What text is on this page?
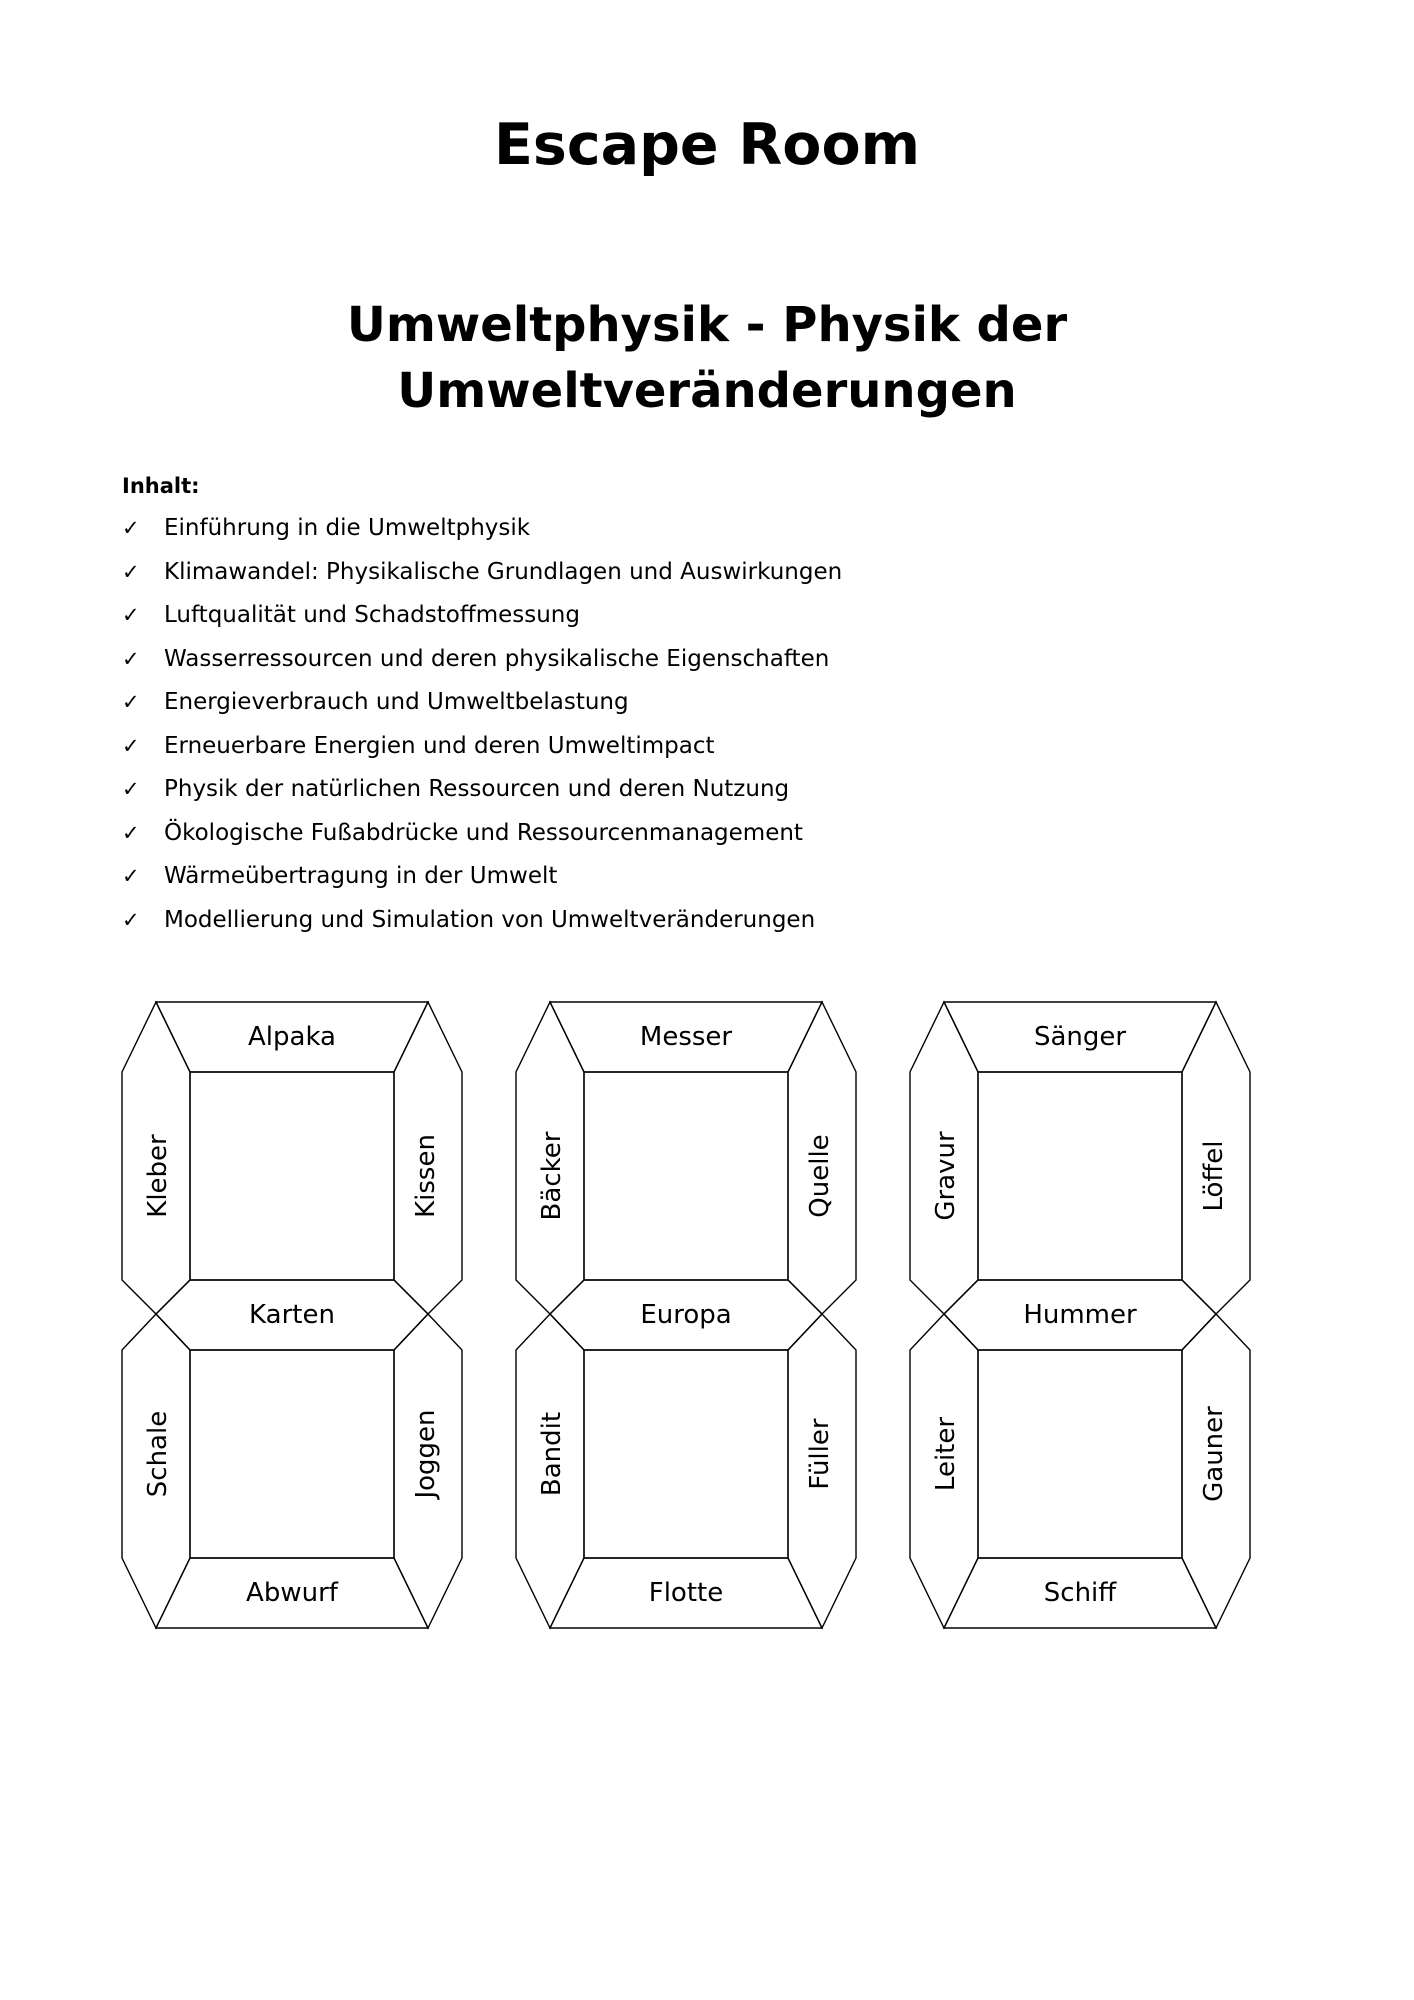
Escape Room
Umweltphysik - Physik der
Umweltveränderungen
Inhalt:
✓ Einführung in die Umweltphysik
✓ Klimawandel: Physikalische Grundlagen und Auswirkungen
✓ Luftqualität und Schadstoffmessung
✓ Wasserressourcen und deren physikalische Eigenschaften
✓ Energieverbrauch und Umweltbelastung
✓ Erneuerbare Energien und deren Umweltimpact
✓ Physik der natürlichen Ressourcen und deren Nutzung
✓ Ökologische Fußabdrücke und Ressourcenmanagement
✓ Wärmeübertragung in der Umwelt
✓ Modellierung und Simulation von Umweltveränderungen
Alpaka
Kleber	Kissen
Karten
Schale	Joggen
Abwurf
Messer
Bäcker	Quelle
Europa
Bandit	Füller
Flotte
Sänger
Gravur	Löffel
Hummer
Leiter	Gauner
Schiff
